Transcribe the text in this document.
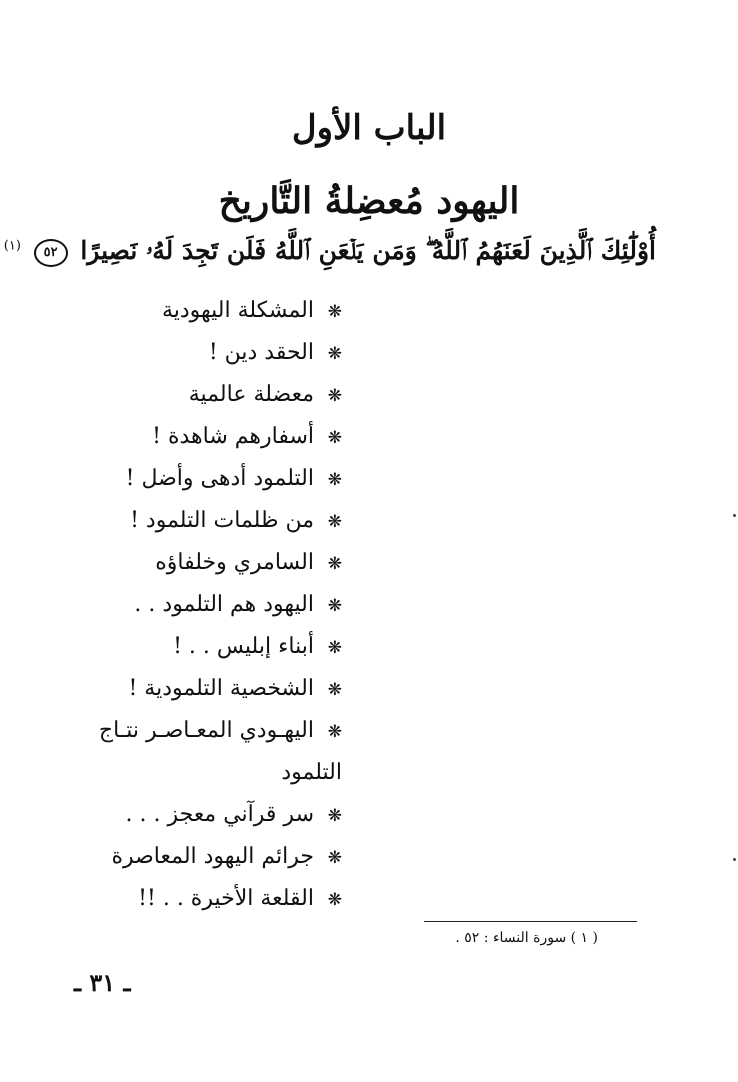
الباب الأول
اليهود مُعضِلةُ التَّاريخ
أُوْلَٰٓئِكَ ٱلَّذِينَ لَعَنَهُمُ ٱللَّهُ ۖ وَمَن يَلۡعَنِ ٱللَّهُ فَلَن تَجِدَ لَهُۥ نَصِيرًا ٥٢ $^{(١)}$
❋المشكلة اليهودية
❋الحقد دين !
❋معضلة عالمية
❋أسفارهم شاهدة !
❋التلمود أدهى وأضل !
❋من ظلمات التلمود !
❋السامري وخلفاؤه
❋اليهود هم التلمود . .
❋أبناء إبليس . . !
❋الشخصية التلمودية !
❋اليهـودي المعـاصـر نتـاج
التلمود
❋سر قرآني معجز . . .
❋جرائم اليهود المعاصرة
❋القلعة الأخيرة . . !!
( ١ ) سورة النساء : ٥٢ .
ـ ٣١ ـ
